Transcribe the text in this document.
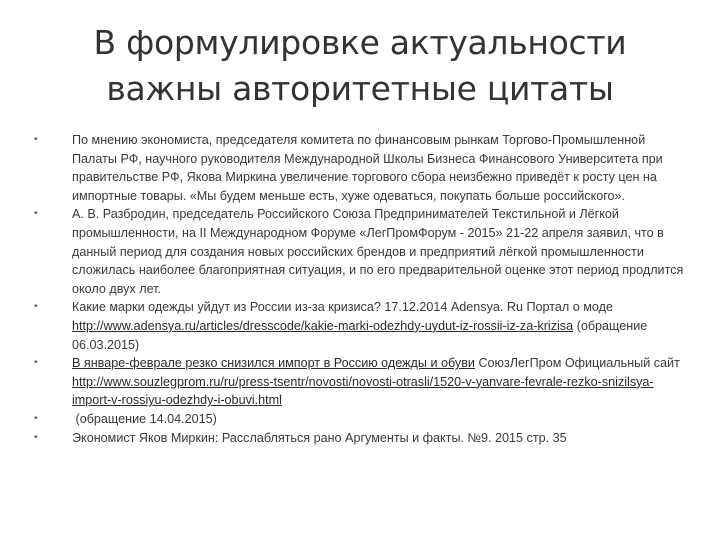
В формулировке актуальности
важны авторитетные цитаты
•	По мнению экономиста, председателя комитета по финансовым рынкам Торгово-Промышленной Палаты РФ, научного руководителя Международной Школы Бизнеса Финансового Университета при правительстве РФ, Якова Миркина увеличение торгового сбора неизбежно приведёт к росту цен на импортные товары. «Мы будем меньше есть, хуже одеваться, покупать больше российского».
•	А. В. Разбродин, председатель Российского Союза Предпринимателей Текстильной и Лёгкой промышленности, на II Международном Форуме «ЛегПромФорум - 2015» 21-22 апреля заявил, что в данный период для создания новых российских брендов и предприятий лёгкой промышленности сложилась наиболее благоприятная ситуация, и по его предварительной оценке этот период продлится около двух лет.
•	Какие марки одежды уйдут из России из-за кризиса? 17.12.2014 Adensya. Ru Портал о моде http://www.adensya.ru/articles/dresscode/kakie-marki-odezhdy-uydut-iz-rossii-iz-za-krizisa (обращение 06.03.2015)
•	В январе-феврале резко снизился импорт в Россию одежды и обуви СоюзЛегПром Официальный сайт http://www.souzlegprom.ru/ru/press-tsentr/novosti/novosti-otrasli/1520-v-yanvare-fevrale-rezko-snizilsya-import-v-rossiyu-odezhdy-i-obuvi.html
•	(обращение 14.04.2015)
•	Экономист Яков Миркин: Расслабляться рано Аргументы и факты. №9. 2015 стр. 35
